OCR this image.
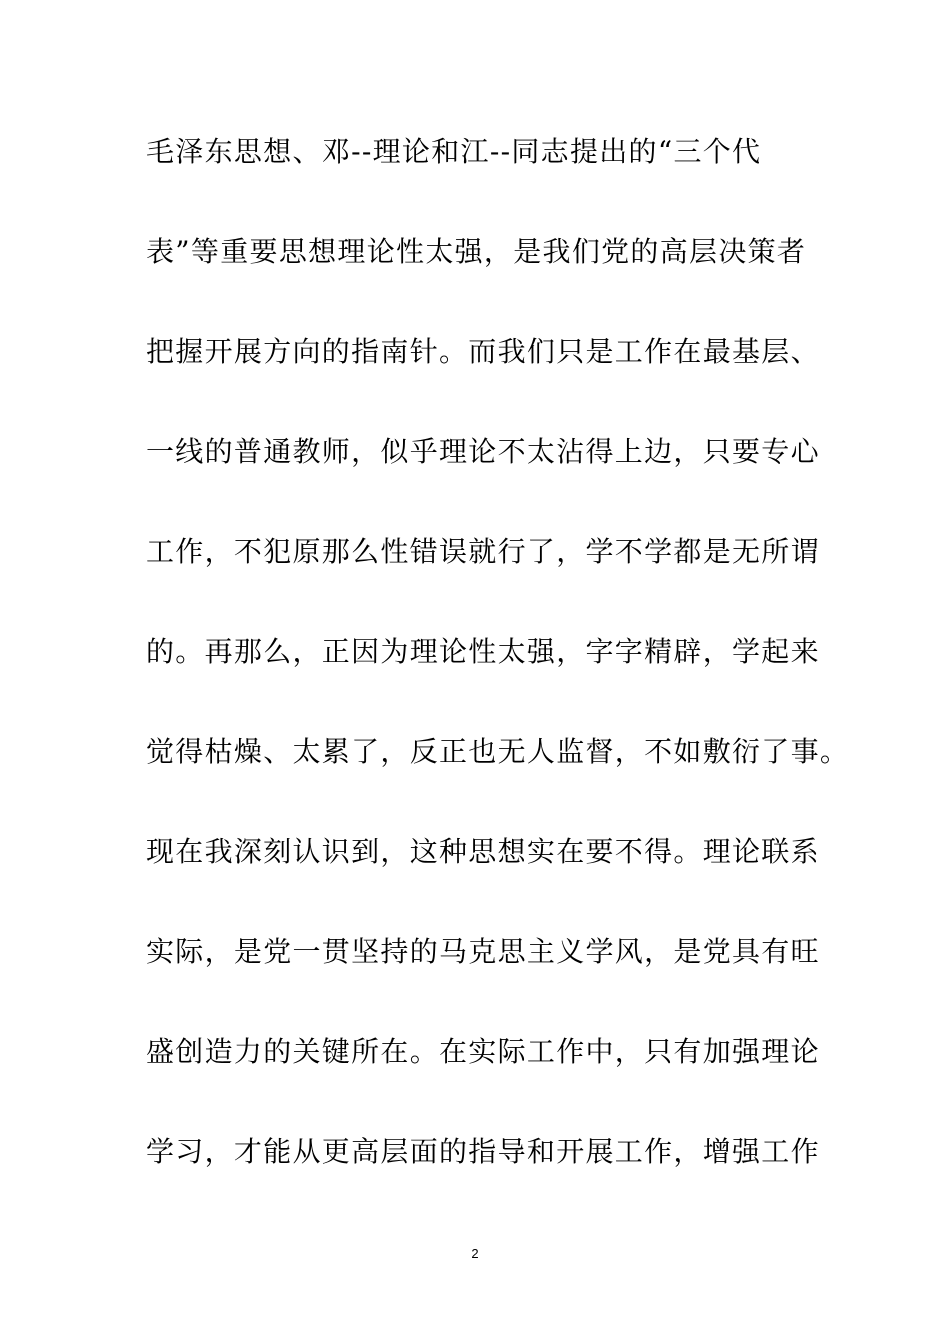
毛泽东思想、邓--理论和江--同志提出的“三个代
表”等重要思想理论性太强，是我们党的高层决策者
把握开展方向的指南针。而我们只是工作在最基层、
一线的普通教师，似乎理论不太沾得上边，只要专心
工作，不犯原那么性错误就行了，学不学都是无所谓
的。再那么，正因为理论性太强，字字精辟，学起来
觉得枯燥、太累了，反正也无人监督，不如敷衍了事。
现在我深刻认识到，这种思想实在要不得。理论联系
实际，是党一贯坚持的马克思主义学风，是党具有旺
盛创造力的关键所在。在实际工作中，只有加强理论
学习，才能从更高层面的指导和开展工作，增强工作
2
